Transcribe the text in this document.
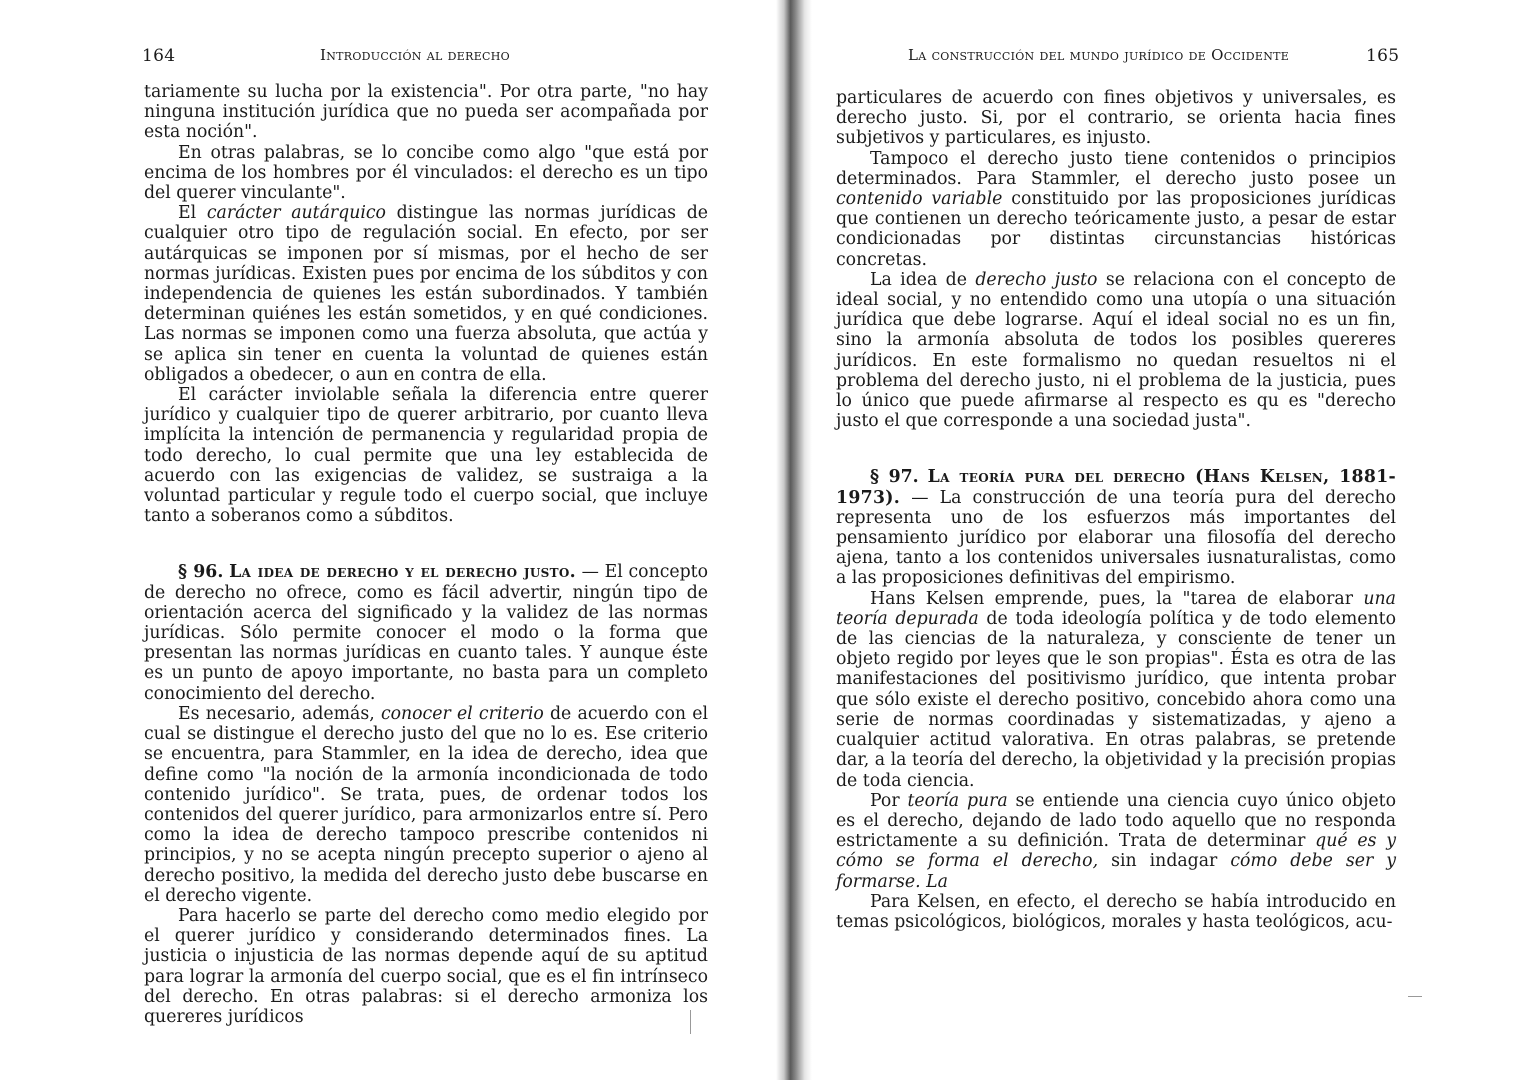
164	Introducción al derecho

tariamente su lucha por la existencia". Por otra parte, "no hay ninguna institución jurídica que no pueda ser acompañada por esta noción".

En otras palabras, se lo concibe como algo "que está por encima de los hombres por él vinculados: el derecho es un tipo del querer vinculante".

El carácter autárquico distingue las normas jurídicas de cualquier otro tipo de regulación social. En efecto, por ser autárquicas se imponen por sí mismas, por el hecho de ser normas jurídicas. Existen pues por encima de los súbditos y con independencia de quienes les están subordinados. Y también determinan quiénes les están sometidos, y en qué condiciones. Las normas se imponen como una fuerza absoluta, que actúa y se aplica sin tener en cuenta la voluntad de quienes están obligados a obedecer, o aun en contra de ella.

El carácter inviolable señala la diferencia entre querer jurídico y cualquier tipo de querer arbitrario, por cuanto lleva implícita la intención de permanencia y regularidad propia de todo derecho, lo cual permite que una ley establecida de acuerdo con las exigencias de validez, se sustraiga a la voluntad particular y regule todo el cuerpo social, que incluye tanto a soberanos como a súbditos.

§ 96. La idea de derecho y el derecho justo. — El concepto de derecho no ofrece, como es fácil advertir, ningún tipo de orientación acerca del significado y la validez de las normas jurídicas. Sólo permite conocer el modo o la forma que presentan las normas jurídicas en cuanto tales. Y aunque éste es un punto de apoyo importante, no basta para un completo conocimiento del derecho.

Es necesario, además, conocer el criterio de acuerdo con el cual se distingue el derecho justo del que no lo es. Ese criterio se encuentra, para Stammler, en la idea de derecho, idea que define como "la noción de la armonía incondicionada de todo contenido jurídico". Se trata, pues, de ordenar todos los contenidos del querer jurídico, para armonizarlos entre sí. Pero como la idea de derecho tampoco prescribe contenidos ni principios, y no se acepta ningún precepto superior o ajeno al derecho positivo, la medida del derecho justo debe buscarse en el derecho vigente.

Para hacerlo se parte del derecho como medio elegido por el querer jurídico y considerando determinados fines. La justicia o injusticia de las normas depende aquí de su aptitud para lograr la armonía del cuerpo social, que es el fin intrínseco del derecho. En otras palabras: si el derecho armoniza los quereres jurídicos

La construcción del mundo jurídico de Occidente	165

particulares de acuerdo con fines objetivos y universales, es derecho justo. Si, por el contrario, se orienta hacia fines subjetivos y particulares, es injusto.

Tampoco el derecho justo tiene contenidos o principios determinados. Para Stammler, el derecho justo posee un contenido variable constituido por las proposiciones jurídicas que contienen un derecho teóricamente justo, a pesar de estar condicionadas por distintas circunstancias históricas concretas.

La idea de derecho justo se relaciona con el concepto de ideal social, y no entendido como una utopía o una situación jurídica que debe lograrse. Aquí el ideal social no es un fin, sino la armonía absoluta de todos los posibles quereres jurídicos. En este formalismo no quedan resueltos ni el problema del derecho justo, ni el problema de la justicia, pues lo único que puede afirmarse al respecto es qu es "derecho justo el que corresponde a una sociedad justa".

§ 97. La teoría pura del derecho (Hans Kelsen, 1881-1973). — La construcción de una teoría pura del derecho representa uno de los esfuerzos más importantes del pensamiento jurídico por elaborar una filosofía del derecho ajena, tanto a los contenidos universales iusnaturalistas, como a las proposiciones definitivas del empirismo.

Hans Kelsen emprende, pues, la "tarea de elaborar una teoría depurada de toda ideología política y de todo elemento de las ciencias de la naturaleza, y consciente de tener un objeto regido por leyes que le son propias". Ésta es otra de las manifestaciones del positivismo jurídico, que intenta probar que sólo existe el derecho positivo, concebido ahora como una serie de normas coordinadas y sistematizadas, y ajeno a cualquier actitud valorativa. En otras palabras, se pretende dar, a la teoría del derecho, la objetividad y la precisión propias de toda ciencia.

Por teoría pura se entiende una ciencia cuyo único objeto es el derecho, dejando de lado todo aquello que no responda estrictamente a su definición. Trata de determinar qué es y cómo se forma el derecho, sin indagar cómo debe ser y formarse. La

Para Kelsen, en efecto, el derecho se había introducido en temas psicológicos, biológicos, morales y hasta teológicos, acu-
